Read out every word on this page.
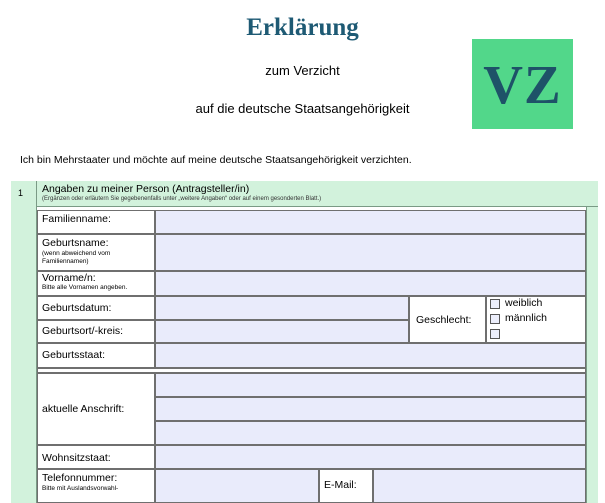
Erklärung
zum Verzicht
auf die deutsche Staatsangehörigkeit	VZ
Ich bin Mehrstaater und möchte auf meine deutsche Staatsangehörigkeit verzichten.
1	Angaben zu meiner Person (Antragsteller/in)
(Ergänzen oder erläutern Sie gegebenenfalls unter „weitere Angaben“ oder auf einem gesonderten Blatt.)
Familienname:
Geburtsname:
(wenn abweichend vom Familiennamen)
Vorname/n:
Bitte alle Vornamen angeben.
Geburtsdatum:
Geburtsort/-kreis:
Geschlecht:
weiblich
männlich
Geburtsstaat:
aktuelle Anschrift:
Wohnsitzstaat:
Telefonnummer:
Bitte mit Auslandsvorwahl-	E-Mail:
